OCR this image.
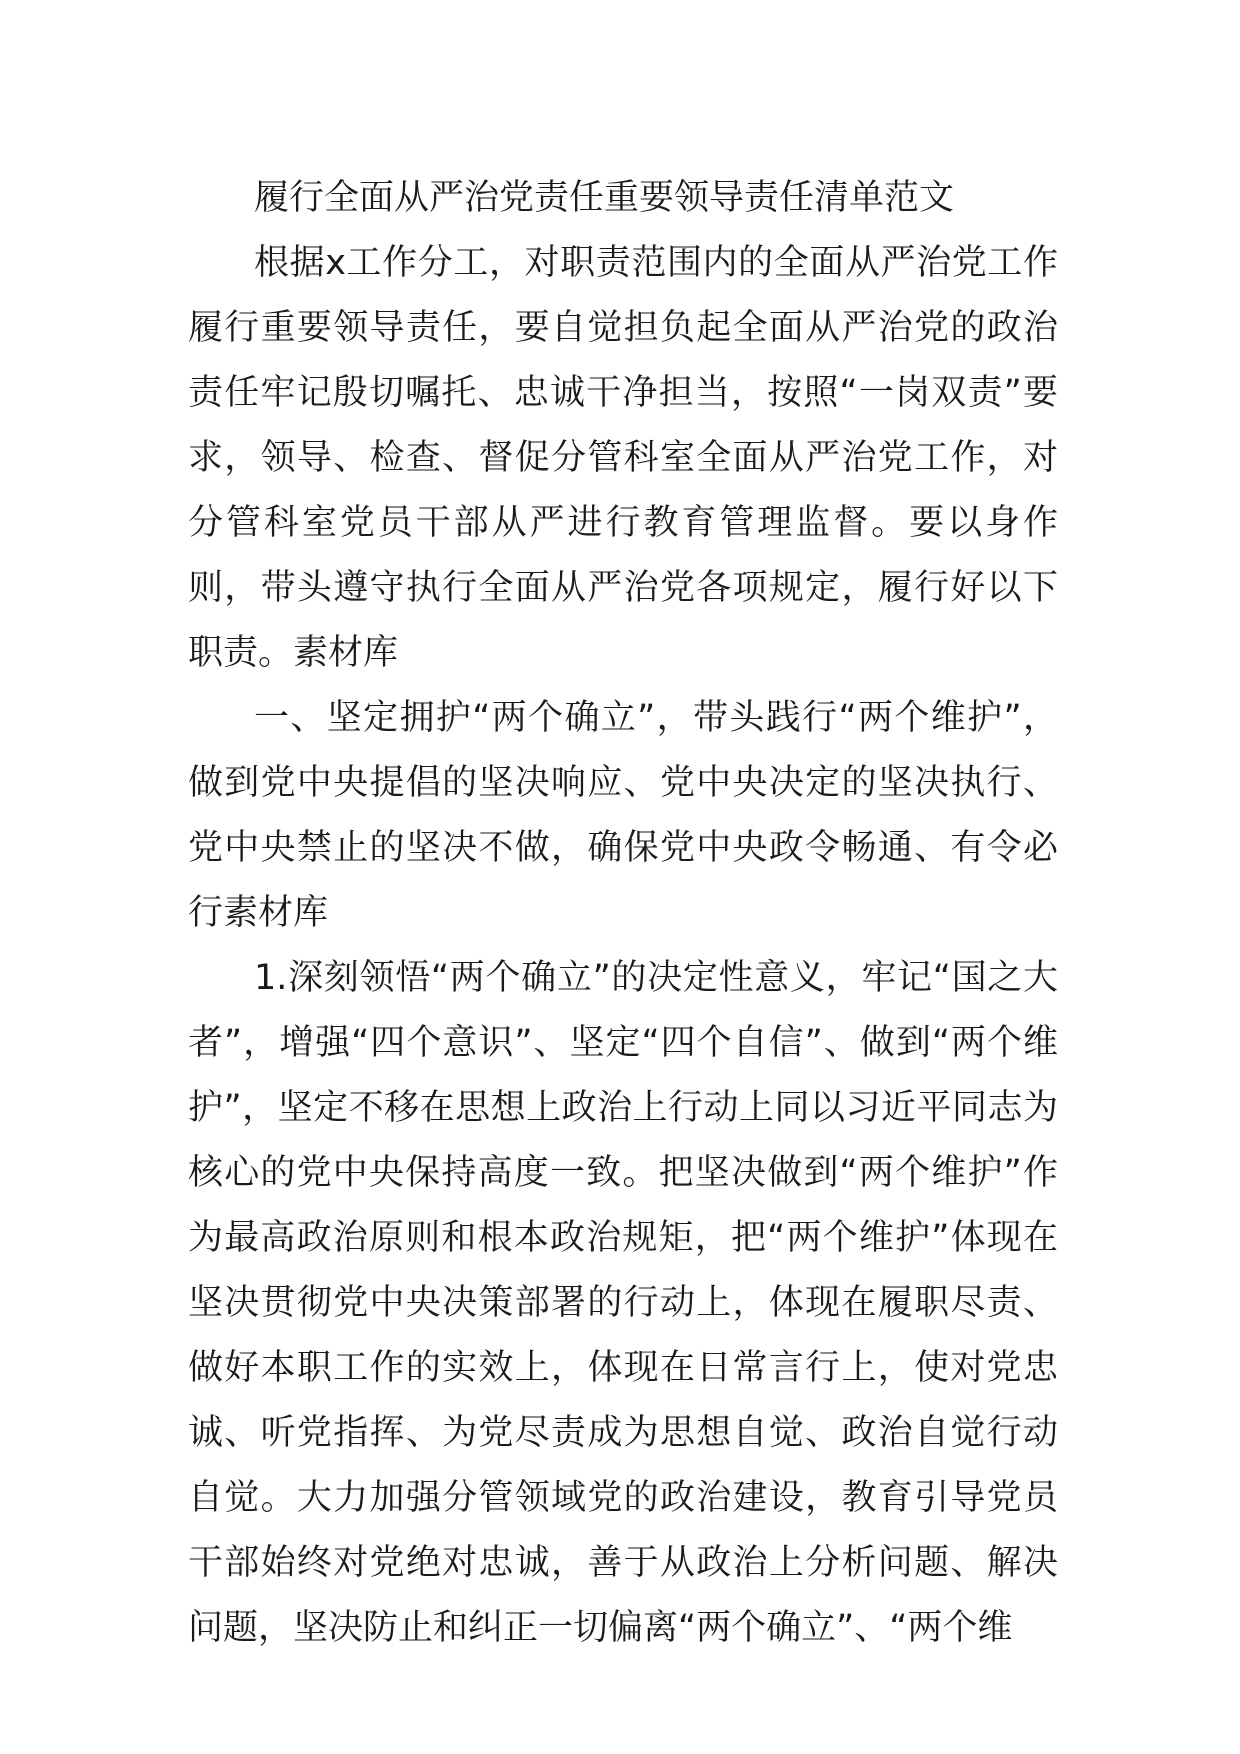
履行全面从严治党责任重要领导责任清单范文

根据x工作分工，对职责范围内的全面从严治党工作履行重要领导责任，要自觉担负起全面从严治党的政治责任牢记殷切嘱托、忠诚干净担当，按照“一岗双责”要求，领导、检查、督促分管科室全面从严治党工作，对分管科室党员干部从严进行教育管理监督。要以身作则，带头遵守执行全面从严治党各项规定，履行好以下职责。素材库

一、坚定拥护“两个确立”，带头践行“两个维护”，做到党中央提倡的坚决响应、党中央决定的坚决执行、党中央禁止的坚决不做，确保党中央政令畅通、有令必行素材库

1.深刻领悟“两个确立”的决定性意义，牢记“国之大者”，增强“四个意识”、坚定“四个自信”、做到“两个维护”，坚定不移在思想上政治上行动上同以习近平同志为核心的党中央保持高度一致。把坚决做到“两个维护”作为最高政治原则和根本政治规矩，把“两个维护”体现在坚决贯彻党中央决策部署的行动上，体现在履职尽责、做好本职工作的实效上，体现在日常言行上，使对党忠诚、听党指挥、为党尽责成为思想自觉、政治自觉行动自觉。大力加强分管领域党的政治建设，教育引导党员干部始终对党绝对忠诚，善于从政治上分析问题、解决问题，坚决防止和纠正一切偏离“两个确立”、“两个维
